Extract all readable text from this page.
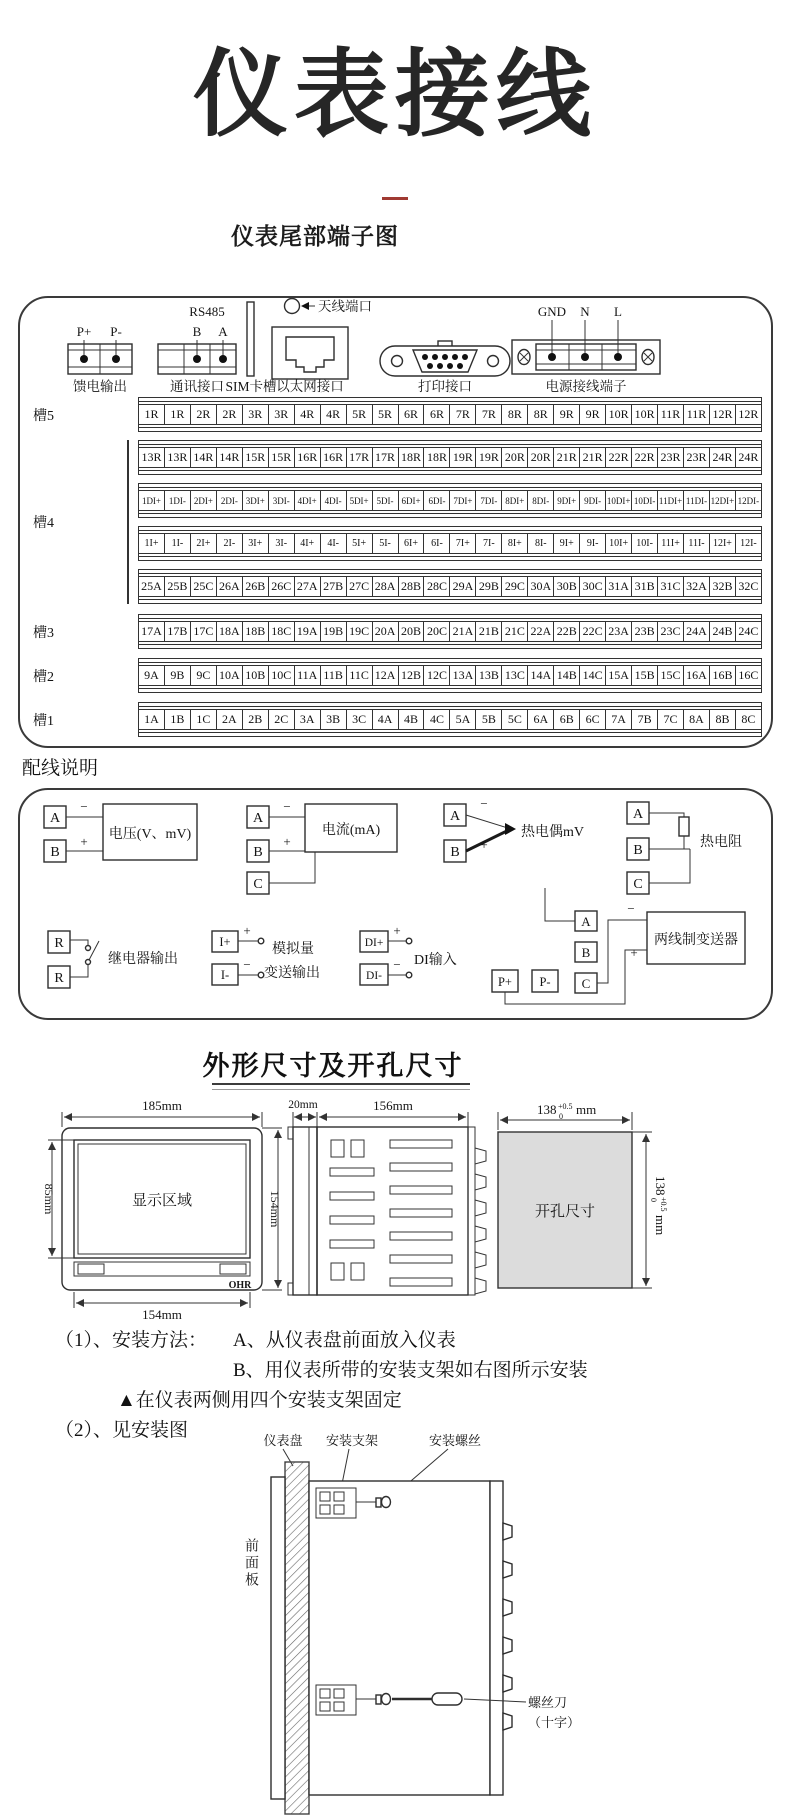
仪表接线
仪表尾部端子图
P+ P-
馈电输出
RS485
B A
通讯接口 SIM卡槽
天线端口
以太网接口	打印接口
GND N L
电源接线端子
槽5	1R 1R 2R 2R 3R 3R 4R 4R 5R 5R 6R 6R 7R 7R 8R 8R 9R 9R 10R 10R 11R 11R 12R 12R
槽4
13R 13R 14R 14R 15R 15R 16R 16R 17R 17R 18R 18R 19R 19R 20R 20R 21R 21R 22R 22R 23R 23R 24R 24R
1DI+ 1DI- 2DI+ 2DI- 3DI+ 3DI- 4DI+ 4DI- 5DI+ 5DI- 6DI+ 6DI- 7DI+ 7DI- 8DI+ 8DI- 9DI+ 9DI- 10DI+ 10DI- 11DI+ 11DI- 12DI+ 12DI-
1I+	1I-	2I+	2I-	3I+	3I-	4I+	4I-	5I+	5I-	6I+	6I-	7I+	7I-	8I+	8I-	9I+	9I-	10I+ 10I- 11I+ 11I- 12I+ 12I-
25A 25B 25C 26A 26B 26C 27A 27B 27C 28A 28B 28C 29A 29B 29C 30A 30B 30C 31A 31B 31C 32A 32B 32C
槽3	17A 17B 17C 18A 18B 18C 19A 19B 19C 20A 20B 20C 21A 21B 21C 22A 22B 22C 23A 23B 23C 24A 24B 24C
槽2	9A 9B 9C 10A 10B 10C 11A 11B 11C 12A 12B 12C 13A 13B 13C 14A 14B 14C 15A 15B 15C 16A 16B 16C
槽1	1A 1B 1C 2A 2B 2C 3A 3B 3C 4A 4B 4C 5A 5B 5C 6A 6B 6C 7A 7B 7C 8A 8B 8C
配线说明
A
B
−
+ 电压(V、mV)
A
B
C
−
+
电流(mA)
A
B
−
+
热电偶mV
A
B
C
热电阻
R
R
继电器输出
I+
I-
+
−
模拟量
变送输出
DI+
DI-
+
− DI输入
A
B
C
P+ P-
两线制变送器
−
+
外形尺寸及开孔尺寸
185mm
显示区域
OHR
85mm
154mm
154mm
20mm	156mm	138 +0.5
0 mm
开孔尺寸
138
+0.5
0
mm
（1）、安装方法： A、从仪表盘前面放入仪表
B、用仪表所带的安装支架如右图所示安装
▲在仪表两侧用四个安装支架固定
（2）、见安装图
前面板
仪表盘 安装支架	安装螺丝
螺丝刀
（十字）
